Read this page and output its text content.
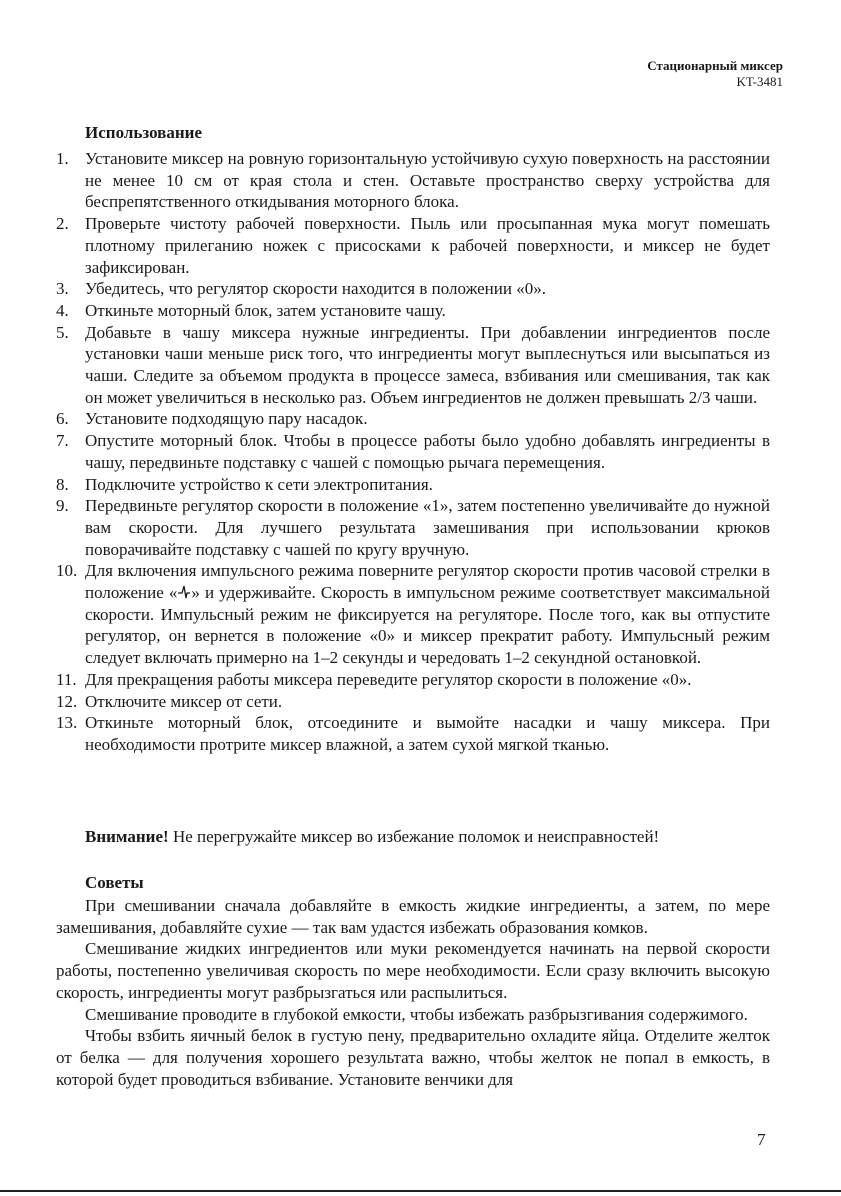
Стационарный миксер
KT-3481
Использование
1. Установите миксер на ровную горизонтальную устойчивую сухую поверхность на расстоянии не менее 10 см от края стола и стен. Оставьте пространство сверху устройства для беспрепятственного откидывания моторного блока.
2. Проверьте чистоту рабочей поверхности. Пыль или просыпанная мука могут помешать плотному прилеганию ножек с присосками к рабочей поверхности, и миксер не будет зафиксирован.
3. Убедитесь, что регулятор скорости находится в положении «0».
4. Откиньте моторный блок, затем установите чашу.
5. Добавьте в чашу миксера нужные ингредиенты. При добавлении ингредиентов после установки чаши меньше риск того, что ингредиенты могут выплеснуться или высыпаться из чаши. Следите за объемом продукта в процессе замеса, взбивания или смешивания, так как он может увеличиться в несколько раз. Объем ингредиентов не должен превышать 2/3 чаши.
6. Установите подходящую пару насадок.
7. Опустите моторный блок. Чтобы в процессе работы было удобно добавлять ингредиенты в чашу, передвиньте подставку с чашей с помощью рычага перемещения.
8. Подключите устройство к сети электропитания.
9. Передвиньте регулятор скорости в положение «1», затем постепенно увеличивайте до нужной вам скорости. Для лучшего результата замешивания при использовании крюков поворачивайте подставку с чашей по кругу вручную.
10. Для включения импульсного режима поверните регулятор скорости против часовой стрелки в положение « » и удерживайте. Скорость в импульсном режиме соответствует максимальной скорости. Импульсный режим не фиксируется на регуляторе. После того, как вы отпустите регулятор, он вернется в положение «0» и миксер прекратит работу. Импульсный режим следует включать примерно на 1–2 секунды и чередовать 1–2 секундной остановкой.
11. Для прекращения работы миксера переведите регулятор скорости в положение «0».
12. Отключите миксер от сети.
13. Откиньте моторный блок, отсоедините и вымойте насадки и чашу миксера. При необходимости протрите миксер влажной, а затем сухой мягкой тканью.
Внимание! Не перегружайте миксер во избежание поломок и неисправностей!
Советы

При смешивании сначала добавляйте в емкость жидкие ингредиенты, а затем, по мере замешивания, добавляйте сухие — так вам удастся избежать образования комков.

Смешивание жидких ингредиентов или муки рекомендуется начинать на первой скорости работы, постепенно увеличивая скорость по мере необходимости. Если сразу включить высокую скорость, ингредиенты могут разбрызгаться или распылиться.

Смешивание проводите в глубокой емкости, чтобы избежать разбрызгивания содержимого.

Чтобы взбить яичный белок в густую пену, предварительно охладите яйца. Отделите желток от белка — для получения хорошего результата важно, чтобы желток не попал в емкость, в которой будет проводиться взбивание. Установите венчики для

7
